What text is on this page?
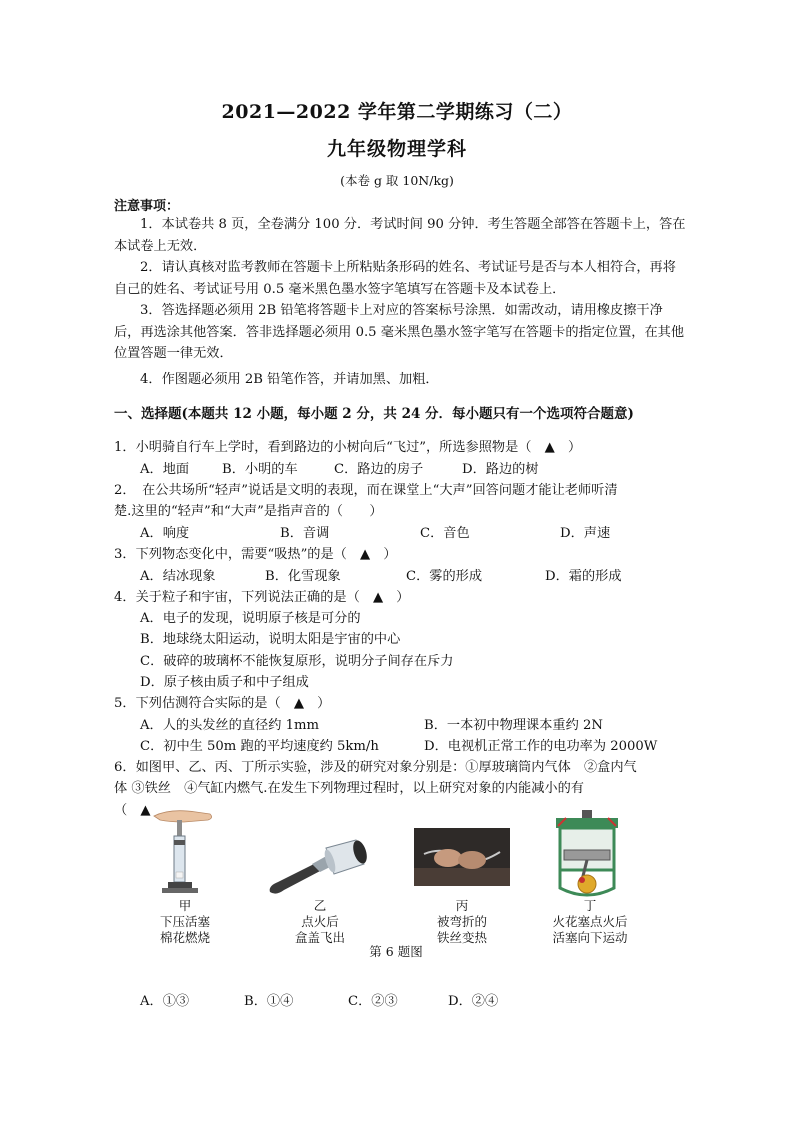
2021—2022 学年第二学期练习（二）
九年级物理学科
(本卷 g 取 10N/kg)
注意事项：
1．本试卷共 8 页，全卷满分 100 分．考试时间 90 分钟．考生答题全部答在答题卡上，答在本试卷上无效．
2．请认真核对监考教师在答题卡上所粘贴条形码的姓名、考试证号是否与本人相符合，再将自己的姓名、考试证号用 0.5 毫米黑色墨水签字笔填写在答题卡及本试卷上．
3．答选择题必须用 2B 铅笔将答题卡上对应的答案标号涂黑．如需改动，请用橡皮擦干净后，再选涂其他答案．答非选择题必须用 0.5 毫米黑色墨水签字笔写在答题卡的指定位置，在其他位置答题一律无效．
4．作图题必须用 2B 铅笔作答，并请加黑、加粗．
一、选择题(本题共 12 小题，每小题 2 分，共 24 分．每小题只有一个选项符合题意)
1．小明骑自行车上学时，看到路边的小树向后“飞过”，所选参照物是（　▲　）
A．地面 B．小明的车	C．路边的房子	D．路边的树
2．　在公共场所“轻声”说话是文明的表现，而在课堂上“大声”回答问题才能让老师听清
楚.这里的“轻声”和“大声”是指声音的（　　）
A．响度	B．音调	C．音色	D．声速
3．下列物态变化中，需要“吸热”的是（　▲　）
A．结冰现象	B．化雪现象	C．雾的形成	D．霜的形成
4．关于粒子和宇宙，下列说法正确的是（　▲　）
A．电子的发现，说明原子核是可分的
B．地球绕太阳运动，说明太阳是宇宙的中心
C．破碎的玻璃杯不能恢复原形，说明分子间存在斥力
D．原子核由质子和中子组成
5．下列估测符合实际的是（　▲　）
A．人的头发丝的直径约 1mm	B．一本初中物理课本重约 2N
C．初中生 50m 跑的平均速度约 5km/h	D．电视机正常工作的电功率为 2000W
6．如图甲、乙、丙、丁所示实验，涉及的研究对象分别是：①厚玻璃筒内气体　②盒内气
体 ③铁丝　④气缸内燃气.在发生下列物理过程时，以上研究对象的内能减小的有
（　▲
甲
下压活塞
棉花燃烧
乙
点火后
盒盖飞出
丙
被弯折的
铁丝变热
丁
火花塞点火后
活塞向下运动
第 6 题图
A．①③	B．①④	C．②③	D．②④
